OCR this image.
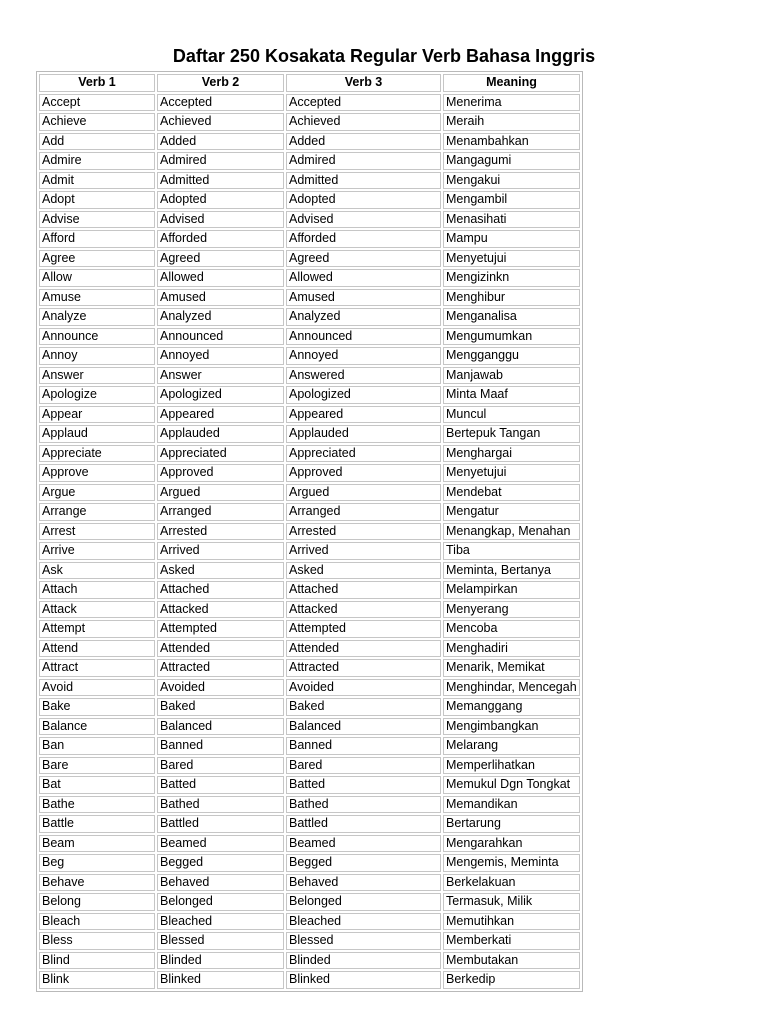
Daftar 250 Kosakata Regular Verb Bahasa Inggris
Verb 1	Verb 2	Verb 3	Meaning
Accept	Accepted	Accepted	Menerima
Achieve	Achieved	Achieved	Meraih
Add	Added	Added	Menambahkan
Admire	Admired	Admired	Mangagumi
Admit	Admitted	Admitted	Mengakui
Adopt	Adopted	Adopted	Mengambil
Advise	Advised	Advised	Menasihati
Afford	Afforded	Afforded	Mampu
Agree	Agreed	Agreed	Menyetujui
Allow	Allowed	Allowed	Mengizinkn
Amuse	Amused	Amused	Menghibur
Analyze	Analyzed	Analyzed	Menganalisa
Announce	Announced	Announced	Mengumumkan
Annoy	Annoyed	Annoyed	Mengganggu
Answer	Answer	Answered	Manjawab
Apologize	Apologized	Apologized	Minta Maaf
Appear	Appeared	Appeared	Muncul
Applaud	Applauded	Applauded	Bertepuk Tangan
Appreciate	Appreciated	Appreciated	Menghargai
Approve	Approved	Approved	Menyetujui
Argue	Argued	Argued	Mendebat
Arrange	Arranged	Arranged	Mengatur
Arrest	Arrested	Arrested	Menangkap, Menahan
Arrive	Arrived	Arrived	Tiba
Ask	Asked	Asked	Meminta, Bertanya
Attach	Attached	Attached	Melampirkan
Attack	Attacked	Attacked	Menyerang
Attempt	Attempted	Attempted	Mencoba
Attend	Attended	Attended	Menghadiri
Attract	Attracted	Attracted	Menarik, Memikat
Avoid	Avoided	Avoided	Menghindar, Mencegah
Bake	Baked	Baked	Memanggang
Balance	Balanced	Balanced	Mengimbangkan
Ban	Banned	Banned	Melarang
Bare	Bared	Bared	Memperlihatkan
Bat	Batted	Batted	Memukul Dgn Tongkat
Bathe	Bathed	Bathed	Memandikan
Battle	Battled	Battled	Bertarung
Beam	Beamed	Beamed	Mengarahkan
Beg	Begged	Begged	Mengemis, Meminta
Behave	Behaved	Behaved	Berkelakuan
Belong	Belonged	Belonged	Termasuk, Milik
Bleach	Bleached	Bleached	Memutihkan
Bless	Blessed	Blessed	Memberkati
Blind	Blinded	Blinded	Membutakan
Blink	Blinked	Blinked	Berkedip
